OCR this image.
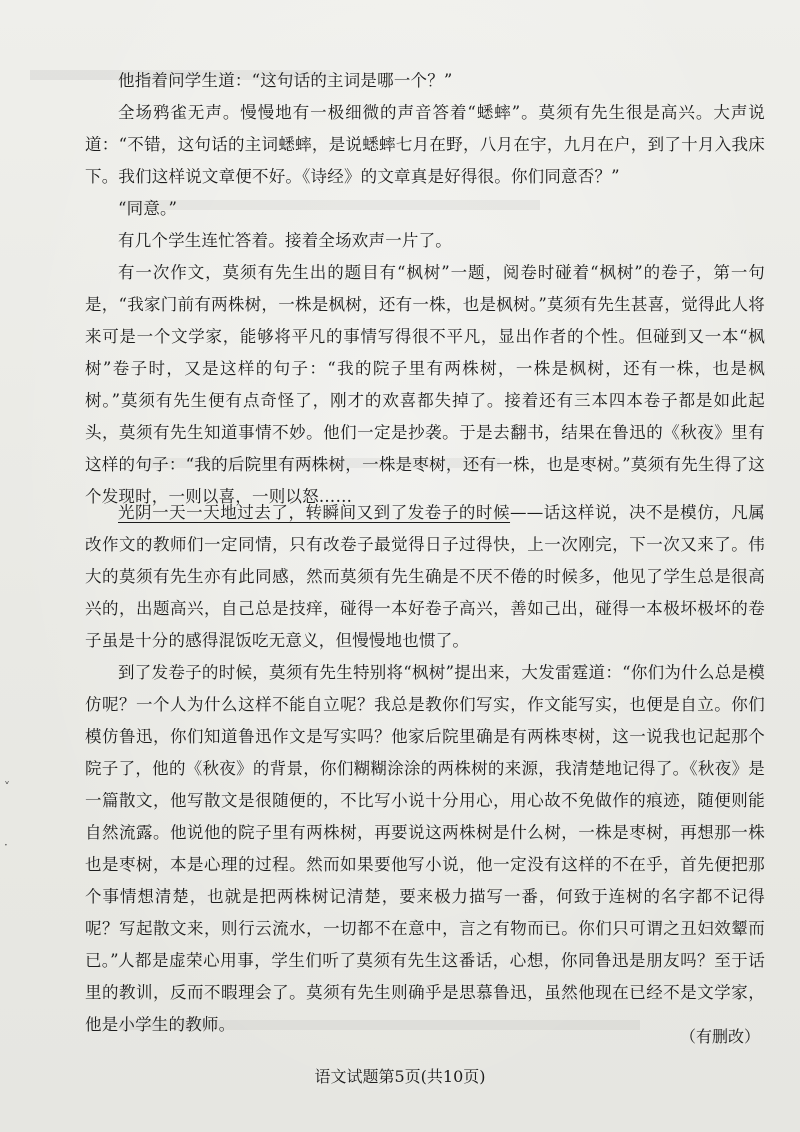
他指着问学生道：“这句话的主词是哪一个？”

全场鸦雀无声。慢慢地有一极细微的声音答着“蟋蟀”。莫须有先生很是高兴。大声说道：“不错，这句话的主词蟋蟀，是说蟋蟀七月在野，八月在宇，九月在户，到了十月入我床下。我们这样说文章便不好。《诗经》的文章真是好得很。你们同意否？”

“同意。”

有几个学生连忙答着。接着全场欢声一片了。

有一次作文，莫须有先生出的题目有“枫树”一题，阅卷时碰着“枫树”的卷子，第一句是，“我家门前有两株树，一株是枫树，还有一株，也是枫树。”莫须有先生甚喜，觉得此人将来可是一个文学家，能够将平凡的事情写得很不平凡，显出作者的个性。但碰到又一本“枫树”卷子时，又是这样的句子：“我的院子里有两株树，一株是枫树，还有一株，也是枫树。”莫须有先生便有点奇怪了，刚才的欢喜都失掉了。接着还有三本四本卷子都是如此起头，莫须有先生知道事情不妙。他们一定是抄袭。于是去翻书，结果在鲁迅的《秋夜》里有这样的句子：“我的后院里有两株树，一株是枣树，还有一株，也是枣树。”莫须有先生得了这个发现时，一则以喜，一则以怒……

光阴一天一天地过去了，转瞬间又到了发卷子的时候——话这样说，决不是模仿，凡属改作文的教师们一定同情，只有改卷子最觉得日子过得快，上一次刚完，下一次又来了。伟大的莫须有先生亦有此同感，然而莫须有先生确是不厌不倦的时候多，他见了学生总是很高兴的，出题高兴，自己总是技痒，碰得一本好卷子高兴，善如己出，碰得一本极坏极坏的卷子虽是十分的感得混饭吃无意义，但慢慢地也惯了。

到了发卷子的时候，莫须有先生特别将“枫树”提出来，大发雷霆道：“你们为什么总是模仿呢？一个人为什么这样不能自立呢？我总是教你们写实，作文能写实，也便是自立。你们模仿鲁迅，你们知道鲁迅作文是写实吗？他家后院里确是有两株枣树，这一说我也记起那个院子了，他的《秋夜》的背景，你们糊糊涂涂的两株树的来源，我清楚地记得了。《秋夜》是一篇散文，他写散文是很随便的，不比写小说十分用心，用心故不免做作的痕迹，随便则能自然流露。他说他的院子里有两株树，再要说这两株树是什么树，一株是枣树，再想那一株也是枣树，本是心理的过程。然而如果要他写小说，他一定没有这样的不在乎，首先便把那个事情想清楚，也就是把两株树记清楚，要来极力描写一番，何致于连树的名字都不记得呢？写起散文来，则行云流水，一切都不在意中，言之有物而已。你们只可谓之丑妇效颦而已。” 人都是虚荣心用事，学生们听了莫须有先生这番话，心想，你同鲁迅是朋友吗？至于话里的教训，反而不暇理会了。莫须有先生则确乎是思慕鲁迅，虽然他现在已经不是文学家，他是小学生的教师。

（有删改）
语文试题第5页(共10页)
˅
·
